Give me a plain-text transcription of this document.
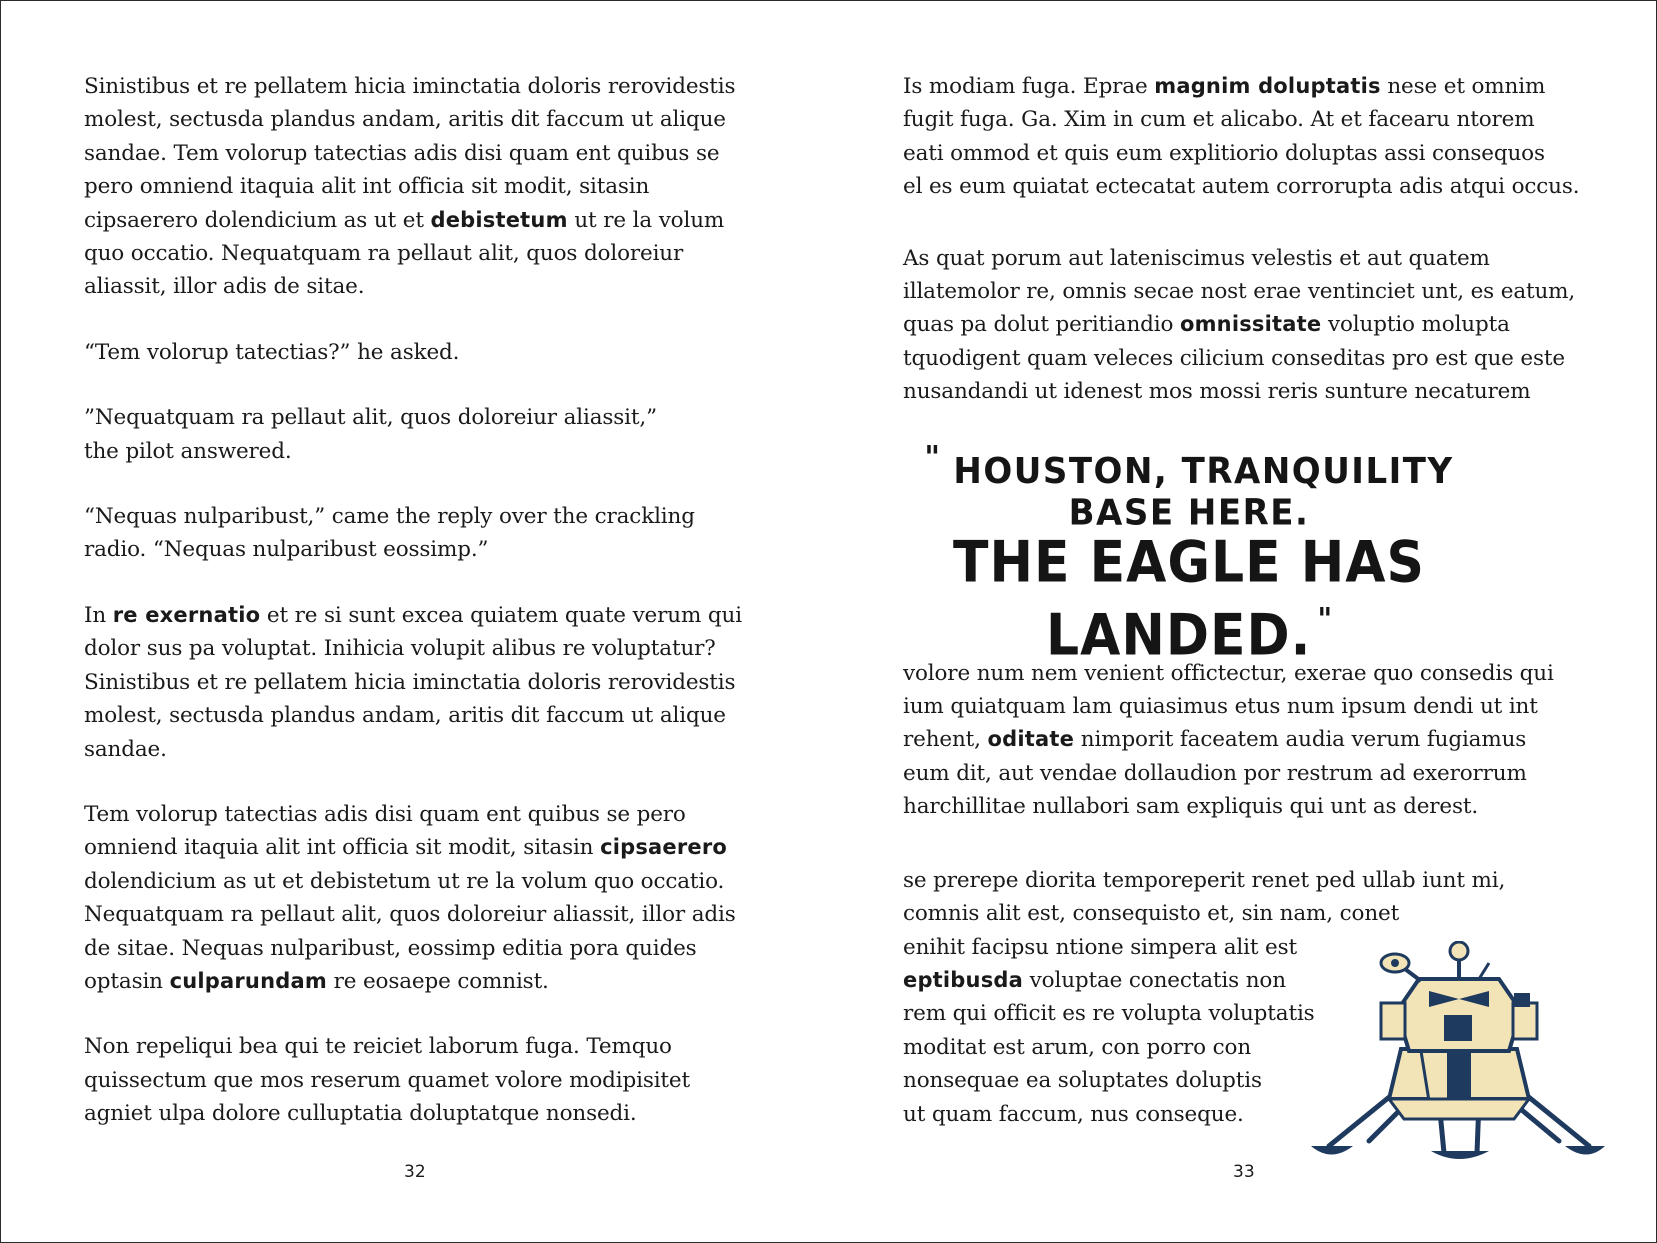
Sinistibus et re pellatem hicia iminctatia doloris rerovidestis
molest, sectusda plandus andam, aritis dit faccum ut alique
sandae. Tem volorup tatectias adis disi quam ent quibus se
pero omniend itaquia alit int officia sit modit, sitasin
cipsaerero dolendicium as ut et debistetum ut re la volum
quo occatio. Nequatquam ra pellaut alit, quos doloreiur
aliassit, illor adis de sitae.

“Tem volorup tatectias?” he asked.

”Nequatquam ra pellaut alit, quos doloreiur aliassit,”
the pilot answered.

“Nequas nulparibust,” came the reply over the crackling
radio. “Nequas nulparibust eossimp.”

In re exernatio et re si sunt excea quiatem quate verum qui
dolor sus pa voluptat. Inihicia volupit alibus re voluptatur?
Sinistibus et re pellatem hicia iminctatia doloris rerovidestis
molest, sectusda plandus andam, aritis dit faccum ut alique
sandae.

Tem volorup tatectias adis disi quam ent quibus se pero
omniend itaquia alit int officia sit modit, sitasin cipsaerero
dolendicium as ut et debistetum ut re la volum quo occatio.
Nequatquam ra pellaut alit, quos doloreiur aliassit, illor adis
de sitae. Nequas nulparibust, eossimp editia pora quides
optasin culparundam re eosaepe comnist.

Non repeliqui bea qui te reiciet laborum fuga. Temquo
quissectum que mos reserum quamet volore modipisitet
agniet ulpa dolore culluptatia doluptatque nonsedi.

32

Is modiam fuga. Eprae magnim doluptatis nese et omnim
fugit fuga. Ga. Xim in cum et alicabo. At et facearu ntorem
eati ommod et quis eum explitiorio doluptas assi consequos
el es eum quiatat ectecatat autem corrorupta adis atqui occus.

As quat porum aut lateniscimus velestis et aut quatem
illatemolor re, omnis secae nost erae ventinciet unt, es eatum,
quas pa dolut peritiandio omnissitate voluptio molupta
tquodigent quam veleces cilicium conseditas pro est que este
nusandandi ut idenest mos mossi reris sunture necaturem

volore num nem venient offictectur, exerae quo consedis qui
ium quiatquam lam quiasimus etus num ipsum dendi ut int
rehent, oditate nimporit faceatem audia verum fugiamus
eum dit, aut vendae dollaudion por restrum ad exerorrum
harchillitae nullabori sam expliquis qui unt as derest.

se prerepe diorita temporeperit renet ped ullab iunt mi,
comnis alit est, consequisto et, sin nam, conet
enihit facipsu ntione simpera alit est
eptibusda voluptae conectatis non
rem qui officit es re volupta voluptatis
moditat est arum, con porro con
nonsequae ea soluptates doluptis
ut quam faccum, nus conseque.

" HOUSTON, TRANQUILITY
BASE HERE.
THE EAGLE HAS
LANDED. "
33
